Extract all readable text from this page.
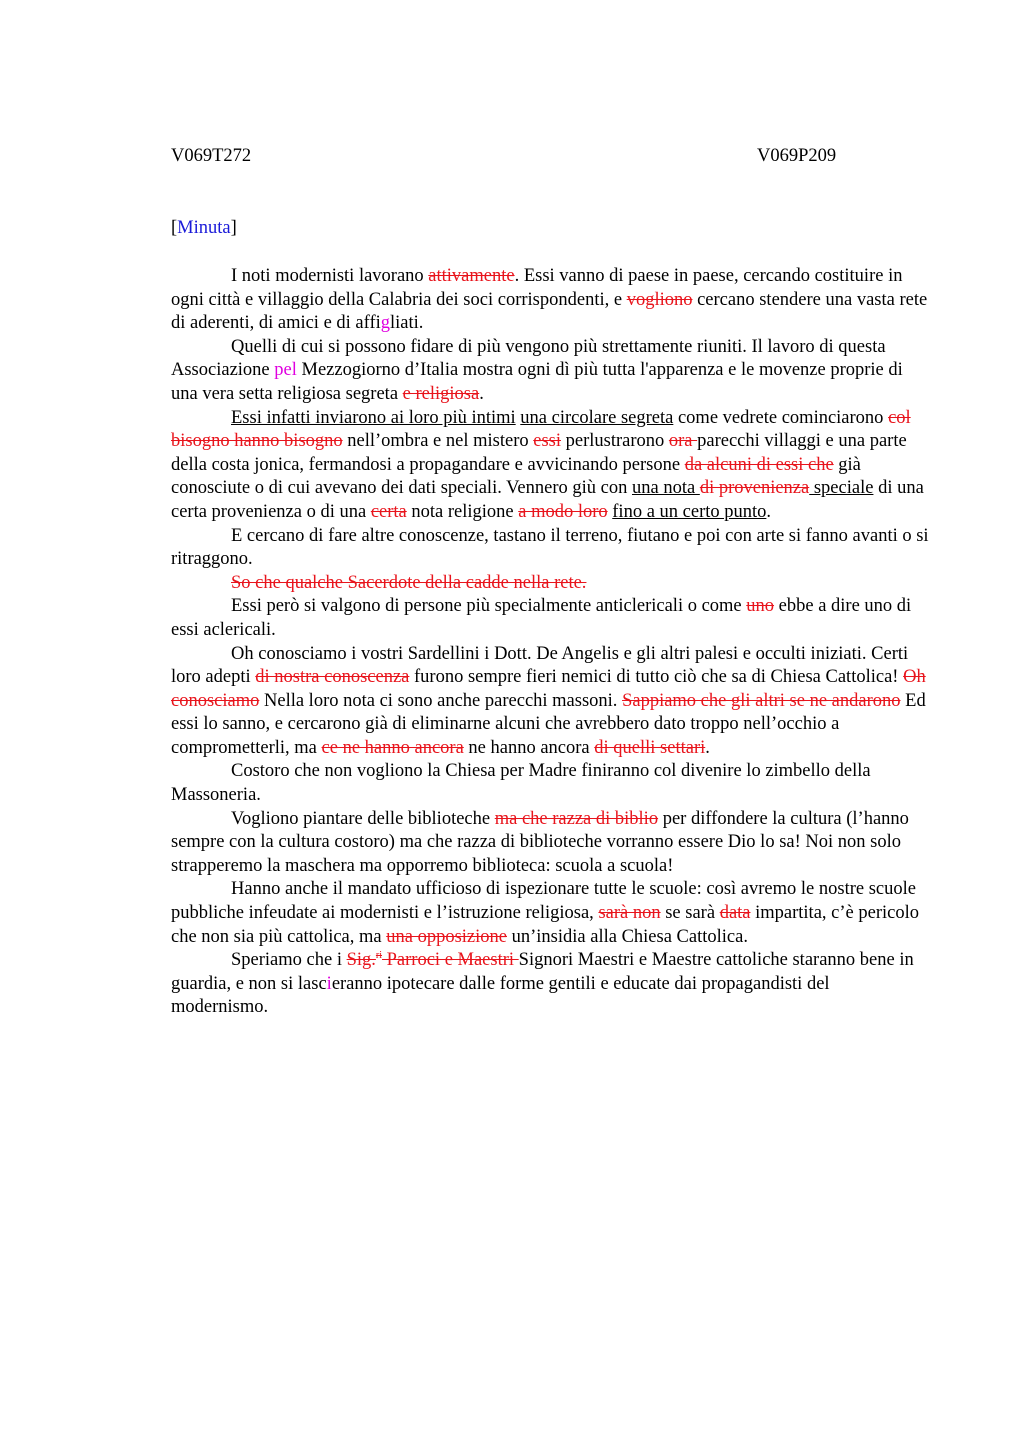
V069T272	V069P209
[Minuta]

I noti modernisti lavorano attivamente. Essi vanno di paese in paese, cercando costituire in ogni città e villaggio della Calabria dei soci corrispondenti, e vogliono cercano stendere una vasta rete di aderenti, di amici e di affigliati.

Quelli di cui si possono fidare di più vengono più strettamente riuniti. Il lavoro di questa Associazione pel Mezzogiorno d’Italia mostra ogni dì più tutta l'apparenza e le movenze proprie di una vera setta religiosa segreta e religiosa.

Essi infatti inviarono ai loro più intimi una circolare segreta come vedrete cominciarono col bisogno hanno bisogno nell’ombra e nel mistero essi perlustrarono ora parecchi villaggi e una parte della costa jonica, fermandosi a propagandare e avvicinando persone da alcuni di essi che già conosciute o di cui avevano dei dati speciali. Vennero giù con una nota di provenienza speciale di una certa provenienza o di una certa nota religione a modo loro fino a un certo punto.

E cercano di fare altre conoscenze, tastano il terreno, fiutano e poi con arte si fanno avanti o si ritraggono.

So che qualche Sacerdote della cadde nella rete.

Essi però si valgono di persone più specialmente anticlericali o come uno ebbe a dire uno di essi aclericali.

Oh conosciamo i vostri Sardellini i Dott. De Angelis e gli altri palesi e occulti iniziati. Certi loro adepti di nostra conoscenza furono sempre fieri nemici di tutto ciò che sa di Chiesa Cattolica! Oh conosciamo Nella loro nota ci sono anche parecchi massoni. Sappiamo che gli altri se ne andarono Ed essi lo sanno, e cercarono già di eliminarne alcuni che avrebbero dato troppo nell’occhio a comprometterli, ma ce ne hanno ancora ne hanno ancora di quelli settari.

Costoro che non vogliono la Chiesa per Madre finiranno col divenire lo zimbello della Massoneria.

Vogliono piantare delle biblioteche ma che razza di biblio per diffondere la cultura (l’hanno sempre con la cultura costoro) ma che razza di biblioteche vorranno essere Dio lo sa! Noi non solo strapperemo la maschera ma opporremo biblioteca: scuola a scuola!

Hanno anche il mandato ufficioso di ispezionare tutte le scuole: così avremo le nostre scuole pubbliche infeudate ai modernisti e l’istruzione religiosa, sarà non se sarà data impartita, c’è pericolo che non sia più cattolica, ma una opposizione un’insidia alla Chiesa Cattolica.

Speriamo che i Sig.$^{ri}$ Parroci e Maestri Signori Maestri e Maestre cattoliche staranno bene in guardia, e non si lascieranno ipotecare dalle forme gentili e educate dai propagandisti del modernismo.
